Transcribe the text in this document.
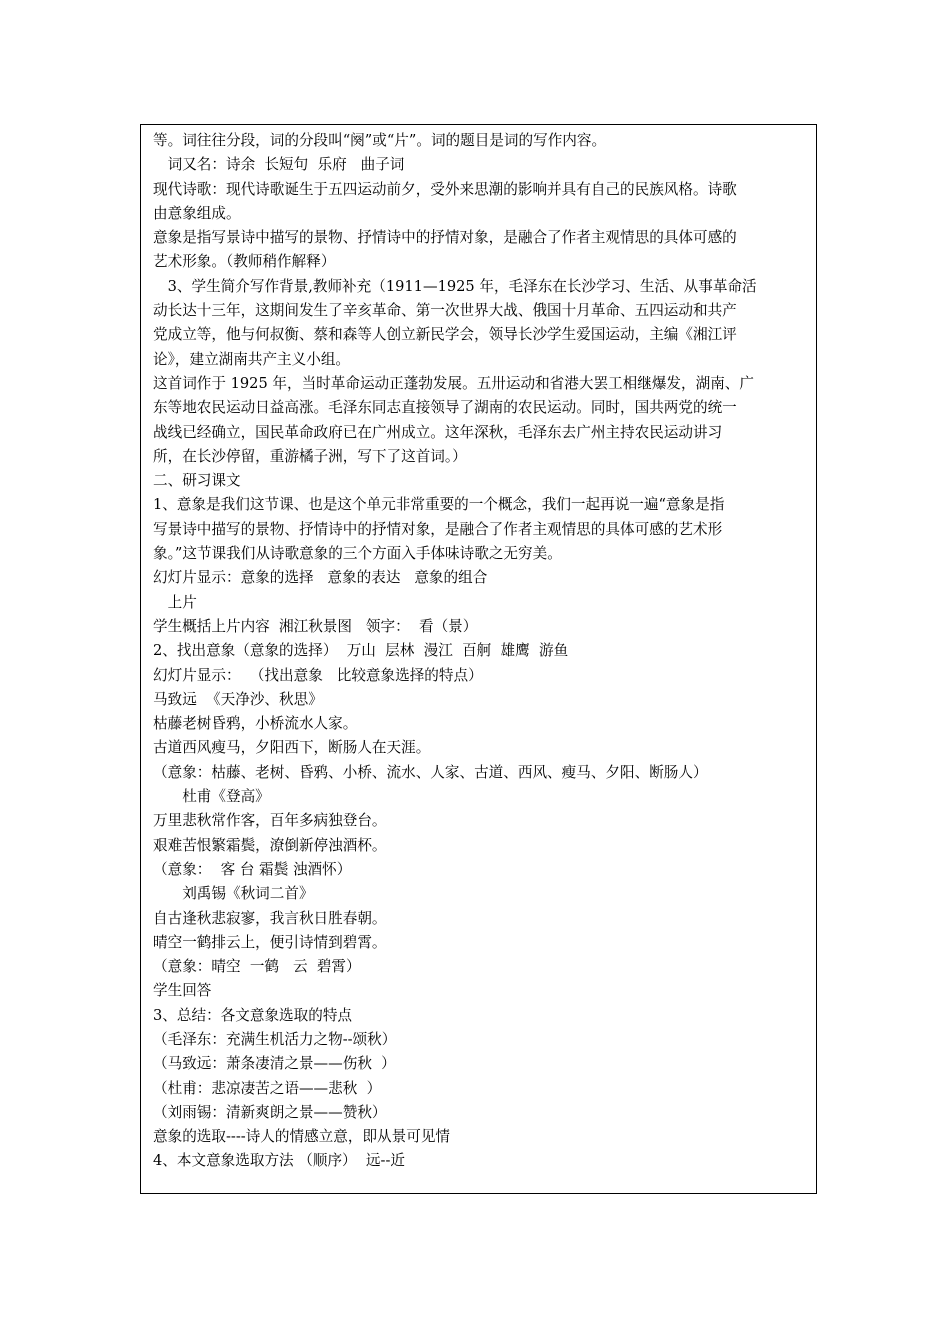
等。词往往分段，词的分段叫“阕”或“片”。词的题目是词的写作内容。
　词又名：诗余  长短句  乐府   曲子词
现代诗歌：现代诗歌诞生于五四运动前夕，受外来思潮的影响并具有自己的民族风格。诗歌
由意象组成。
意象是指写景诗中描写的景物、抒情诗中的抒情对象，是融合了作者主观情思的具体可感的
艺术形象。（教师稍作解释）
　3、学生简介写作背景,教师补充（1911—1925 年，毛泽东在长沙学习、生活、从事革命活
动长达十三年，这期间发生了辛亥革命、第一次世界大战、俄国十月革命、五四运动和共产
党成立等，他与何叔衡、蔡和森等人创立新民学会，领导长沙学生爱国运动，主编《湘江评
论》，建立湖南共产主义小组。
这首词作于 1925 年，当时革命运动正蓬勃发展。五卅运动和省港大罢工相继爆发，湖南、广
东等地农民运动日益高涨。毛泽东同志直接领导了湖南的农民运动。同时，国共两党的统一
战线已经确立，国民革命政府已在广州成立。这年深秋，毛泽东去广州主持农民运动讲习
所，在长沙停留，重游橘子洲，写下了这首词。）
二、研习课文
1、意象是我们这节课、也是这个单元非常重要的一个概念，我们一起再说一遍“意象是指
写景诗中描写的景物、抒情诗中的抒情对象，是融合了作者主观情思的具体可感的艺术形
象。”这节课我们从诗歌意象的三个方面入手体味诗歌之无穷美。
幻灯片显示：意象的选择   意象的表达   意象的组合
　上片
学生概括上片内容  湘江秋景图   领字：  看（景）
2、找出意象（意象的选择）  万山  层林  漫江  百舸  雄鹰  游鱼
幻灯片显示：  （找出意象   比较意象选择的特点）
马致远  《天净沙、秋思》
枯藤老树昏鸦，小桥流水人家。
古道西风瘦马，夕阳西下，断肠人在天涯。
（意象：枯藤、老树、昏鸦、小桥、流水、人家、古道、西风、瘦马、夕阳、断肠人）
　　杜甫《登高》
万里悲秋常作客，百年多病独登台。
艰难苦恨繁霜鬓，潦倒新停浊酒杯。
（意象：  客 台 霜鬓 浊酒怀）
　　刘禹锡《秋词二首》
自古逢秋悲寂寥，我言秋日胜春朝。
晴空一鹤排云上，便引诗情到碧霄。
（意象：晴空  一鹤   云  碧霄）
学生回答
3、总结：各文意象选取的特点
（毛泽东：充满生机活力之物--颂秋）
（马致远：萧条凄清之景——伤秋  ）
（杜甫：悲凉凄苦之语——悲秋  ）
（刘雨锡：清新爽朗之景——赞秋）
意象的选取----诗人的情感立意，即从景可见情
4、本文意象选取方法 （顺序）  远--近
